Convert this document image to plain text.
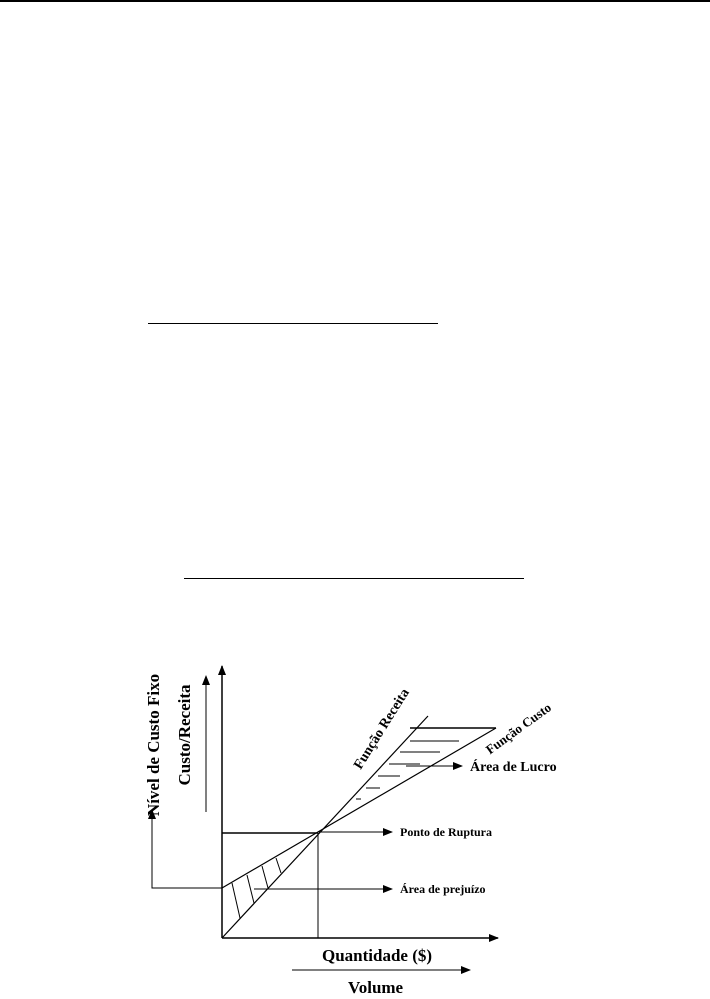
Nível de Custo Fixo Custo/Receita	Função Receita	Função Custo
Área de Lucro
Ponto de Ruptura
Área de prejuízo
Quantidade ($)
Volume
